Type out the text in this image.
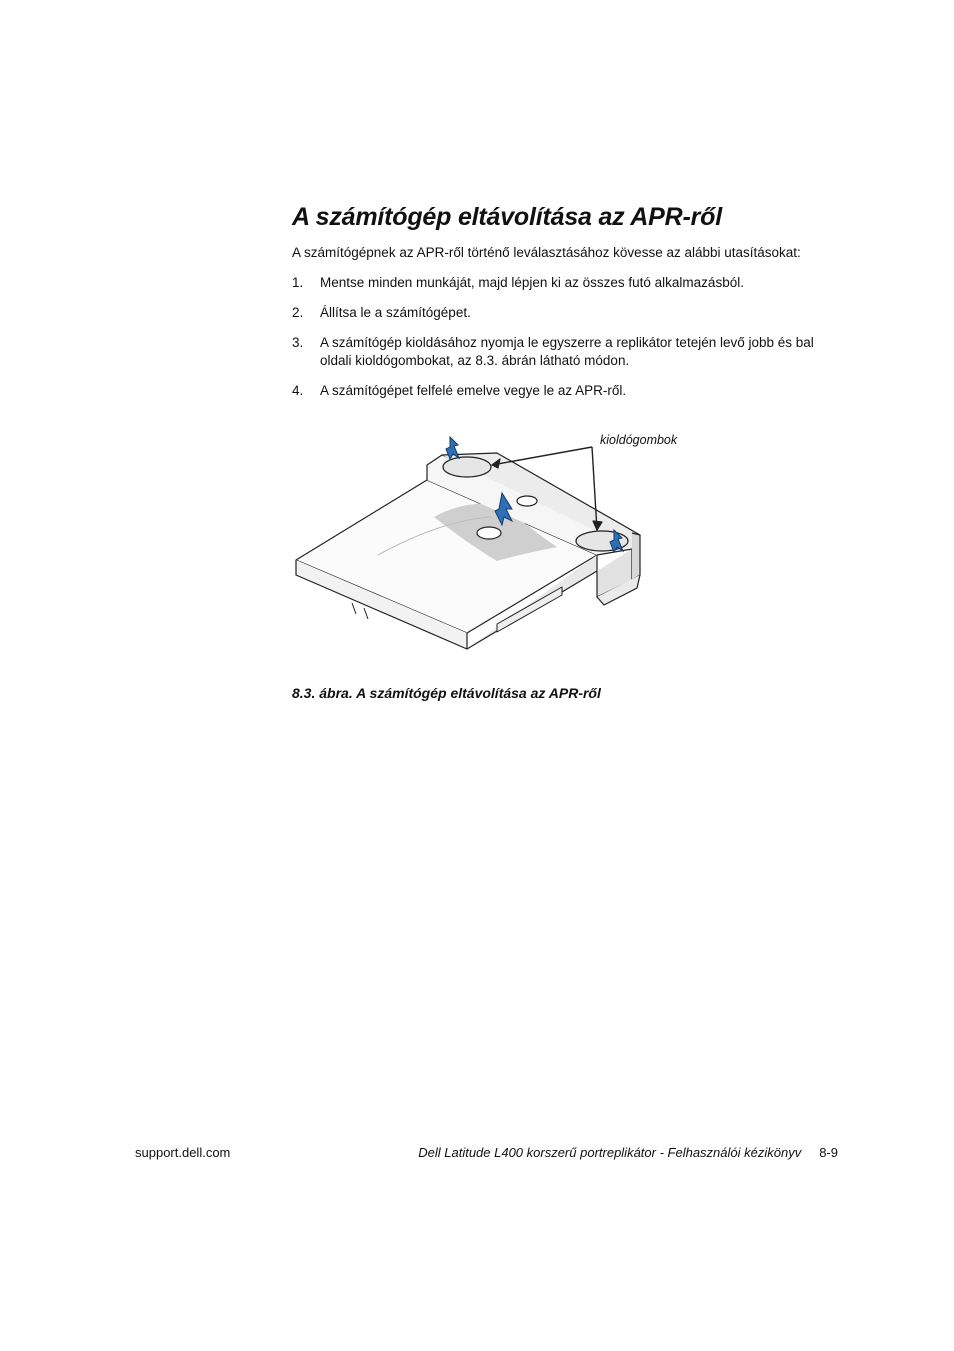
A számítógép eltávolítása az APR-ről

A számítógépnek az APR-ről történő leválasztásához kövesse az alábbi utasításokat:

1.	Mentse minden munkáját, majd lépjen ki az összes futó alkalmazásból.
2.	Állítsa le a számítógépet.
3.	A számítógép kioldásához nyomja le egyszerre a replikátor tetején levő jobb és bal oldali kioldógombokat, az 8.3. ábrán látható módon.
4.	A számítógépet felfelé emelve vegye le az APR-ről.
kioldógombok
8.3. ábra. A számítógép eltávolítása az APR-ről
support.dell.com	Dell Latitude L400 korszerű portreplikátor - Felhasználói kézikönyv 8-9
